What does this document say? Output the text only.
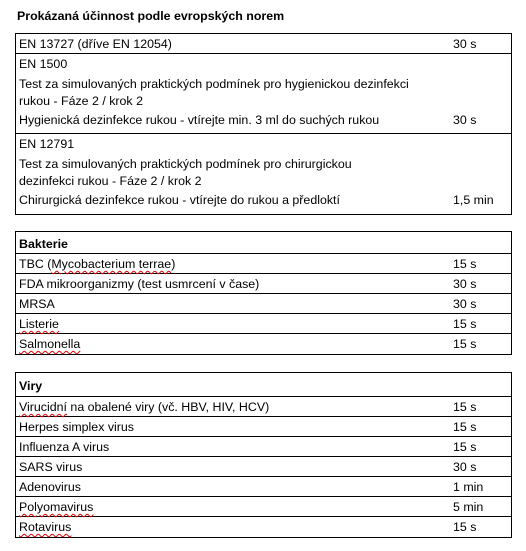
Prokázaná účinnost podle evropských norem
EN 13727 (dříve EN 12054)	30 s
EN 1500
Test za simulovaných praktických podmínek pro hygienickou dezinfekci
rukou - Fáze 2 / krok 2
Hygienická dezinfekce rukou - vtírejte min. 3 ml do suchých rukou	30 s
EN 12791
Test za simulovaných praktických podmínek pro chirurgickou
dezinfekci rukou - Fáze 2 / krok 2
Chirurgická dezinfekce rukou - vtírejte do rukou a předloktí	1,5 min
Bakterie
TBC (Mycobacterium terrae)	15 s
FDA mikroorganizmy (test usmrcení v čase)	30 s
MRSA	30 s
Listerie	15 s
Salmonella	15 s
Viry
Virucidní na obalené viry (vč. HBV, HIV, HCV)	15 s
Herpes simplex virus	15 s
Influenza A virus	15 s
SARS virus	30 s
Adenovirus	1 min
Polyomavirus	5 min
Rotavirus	15 s
